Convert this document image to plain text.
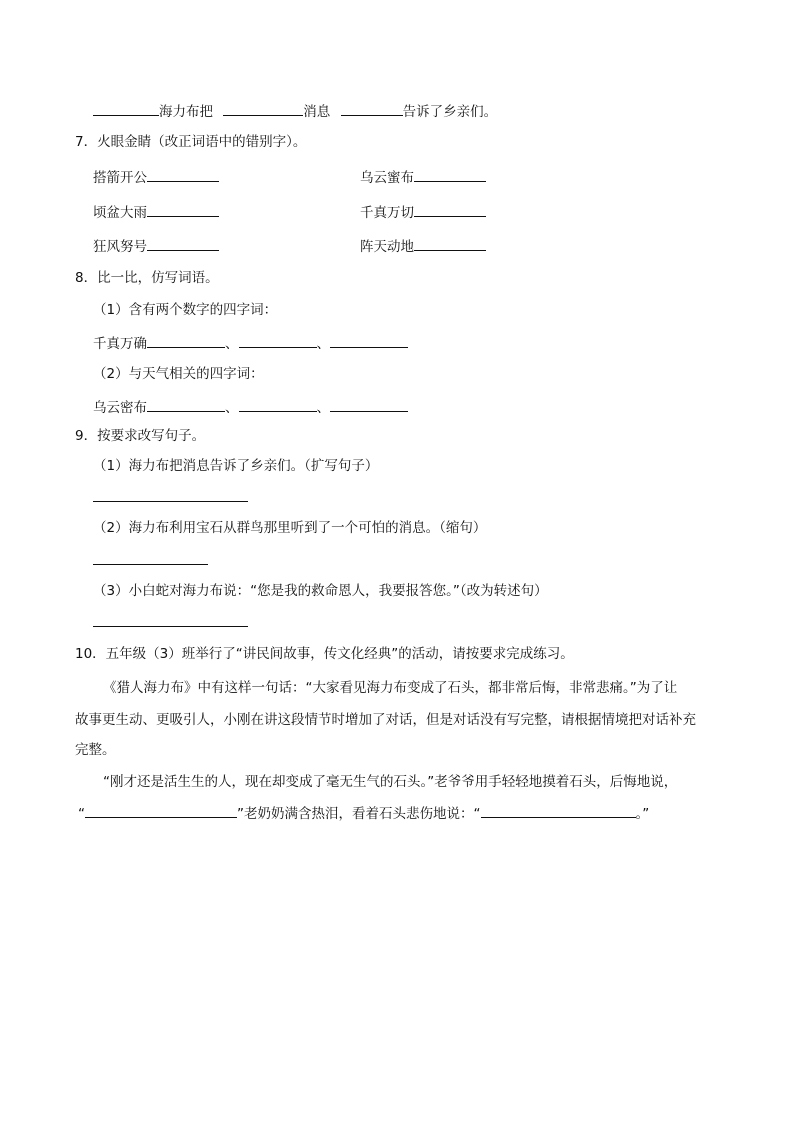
海力布把	消息	告诉了乡亲们。
7．火眼金睛（改正词语中的错别字）。
搭箭开公	乌云蜜布
顷盆大雨	千真万切
狂风努号	阵天动地
8．比一比，仿写词语。
（1）含有两个数字的四字词：
千真万确	、	、
（2）与天气相关的四字词：
乌云密布	、	、
9．按要求改写句子。
（1）海力布把消息告诉了乡亲们。（扩写句子）
（2）海力布利用宝石从群鸟那里听到了一个可怕的消息。（缩句）
（3）小白蛇对海力布说：“您是我的救命恩人，我要报答您。”（改为转述句）
10．五年级（3）班举行了“讲民间故事，传文化经典”的活动，请按要求完成练习。
《猎人海力布》中有这样一句话：“大家看见海力布变成了石头，都非常后悔，非常悲痛。”为了让
故事更生动、更吸引人，小刚在讲这段情节时增加了对话，但是对话没有写完整，请根据情境把对话补充
完整。
“刚才还是活生生的人，现在却变成了毫无生气的石头。”老爷爷用手轻轻地摸着石头，后悔地说，
“	”老奶奶满含热泪，看着石头悲伤地说：“	。”
